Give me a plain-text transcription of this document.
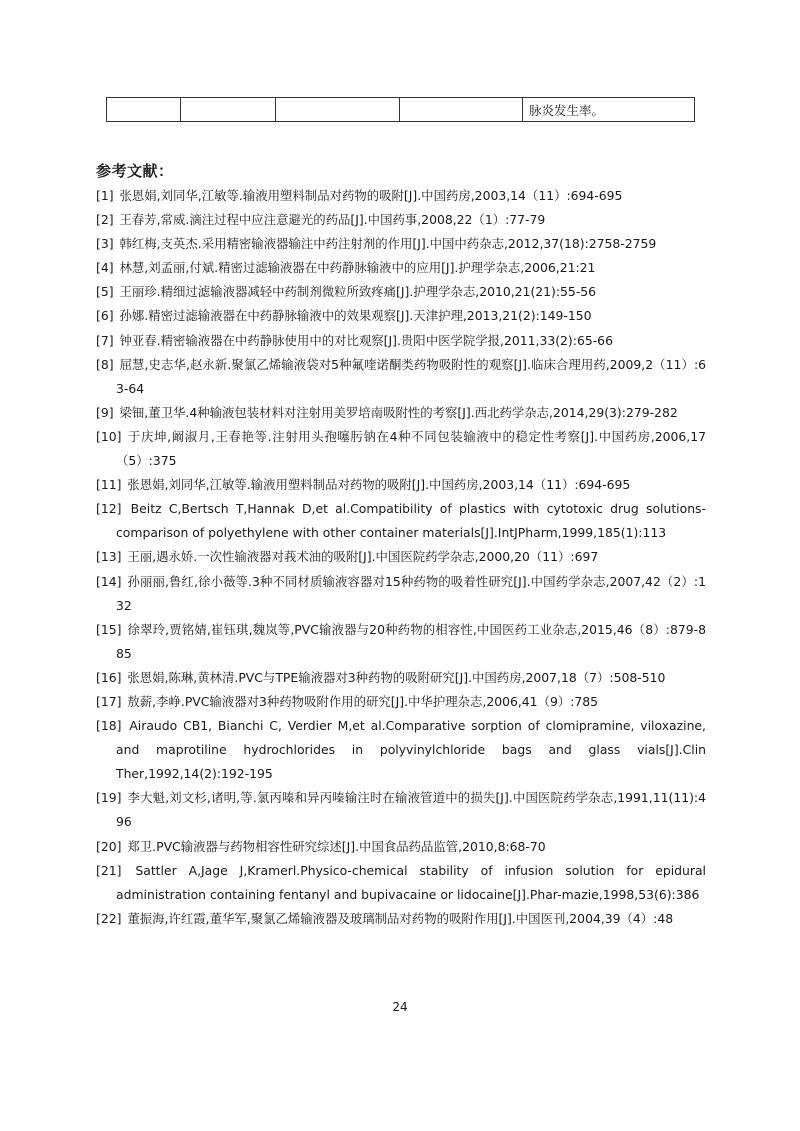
				脉炎发生率。
参考文献：
[1] 张恩娟,刘同华,江敏等.输液用塑料制品对药物的吸附[J].中国药房,2003,14（11）:694-695
[2] 王春芳,常威.滴注过程中应注意避光的药品[J].中国药事,2008,22（1）:77-79
[3] 韩红梅,支英杰.采用精密输液器输注中药注射剂的作用[J].中国中药杂志,2012,37(18):2758-2759
[4] 林慧,刘孟丽,付斌.精密过滤输液器在中药静脉输液中的应用[J].护理学杂志,2006,21:21
[5] 王丽珍.精细过滤输液器减轻中药制剂微粒所致疼痛[J].护理学杂志,2010,21(21):55-56
[6] 孙娜.精密过滤输液器在中药静脉输液中的效果观察[J].天津护理,2013,21(2):149-150
[7] 钟亚春.精密输液器在中药静脉使用中的对比观察[J].贵阳中医学院学报,2011,33(2):65-66
[8] 屈慧,史志华,赵永新.聚氯乙烯输液袋对5种氟喹诺酮类药物吸附性的观察[J].临床合理用药,2009,2（11）:63-64
[9] 梁钿,董卫华.4种输液包装材料对注射用美罗培南吸附性的考察[J].西北药学杂志,2014,29(3):279-282
[10] 于庆坤,阚淑月,王春艳等.注射用头孢噻肟钠在4种不同包装输液中的稳定性考察[J].中国药房,2006,17（5）:375
[11] 张恩娟,刘同华,江敏等.输液用塑料制品对药物的吸附[J].中国药房,2003,14（11）:694-695
[12] Beitz C,Bertsch T,Hannak D,et al.Compatibility of plastics with cytotoxic drug solutions-comparison of polyethylene with other container materials[J].IntJPharm,1999,185(1):113
[13] 王丽,遇永娇.一次性输液器对莪术油的吸附[J].中国医院药学杂志,2000,20（11）:697
[14] 孙丽丽,鲁红,徐小薇等.3种不同材质输液容器对15种药物的吸着性研究[J].中国药学杂志,2007,42（2）:132
[15] 徐翠玲,贾铭婧,崔钰琪,魏岚等,PVC输液器与20种药物的相容性,中国医药工业杂志,2015,46（8）:879-885
[16] 张恩娟,陈琳,黄林清.PVC与TPE输液器对3种药物的吸附研究[J].中国药房,2007,18（7）:508-510
[17] 敖薪,李峥.PVC输液器对3种药物吸附作用的研究[J].中华护理杂志,2006,41（9）:785
[18] Airaudo CB1, Bianchi C, Verdier M,et al.Comparative sorption of clomipramine, viloxazine, and maprotiline hydrochlorides in polyvinylchloride bags and glass vials[J].Clin Ther,1992,14(2):192-195
[19] 李大魁,刘文杉,诸明,等.氯丙嗪和异丙嗪输注时在输液管道中的损失[J].中国医院药学杂志,1991,11(11):496
[20] 郑卫.PVC输液器与药物相容性研究综述[J].中国食品药品监管,2010,8:68-70
[21] Sattler A,Jage J,Kramerl.Physico-chemical stability of infusion solution for epidural administration containing fentanyl and bupivacaine or lidocaine[J].Phar-mazie,1998,53(6):386
[22] 董振海,许红霞,董华军,聚氯乙烯输液器及玻璃制品对药物的吸附作用[J].中国医刊,2004,39（4）:48
24
